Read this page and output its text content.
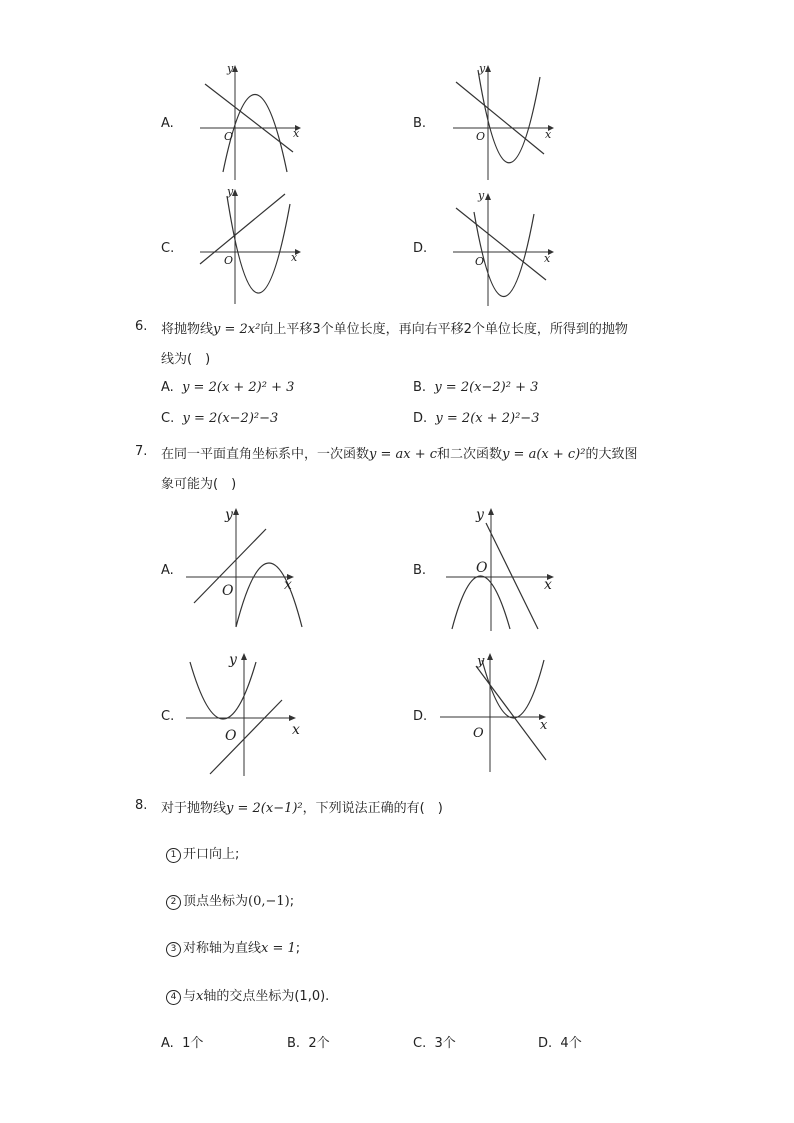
A.
y
x
O
B.
y
x
O
C.
y
x
O
D.
y
x
O
6. 将抛物线y = 2x²向上平移3个单位长度，再向右平移2个单位长度，所得到的抛物
线为(　)
A. y = 2(x + 2)² + 3	B. y = 2(x−2)² + 3
C. y = 2(x−2)²−3	D. y = 2(x + 2)²−3
7. 在同一平面直角坐标系中，一次函数y = ax + c和二次函数y = a(x + c)²的大致图
象可能为(　)
A.
y
x
O
B.
y
x
O
C.
y
x
O
D.
y
x
O
8. 对于抛物线y = 2(x−1)²，下列说法正确的有(　)
1 开口向上;
2 顶点坐标为(0,−1);
3 对称轴为直线x = 1;
4 与x轴的交点坐标为(1,0).
A. 1个	B. 2个	C. 3个	D. 4个
